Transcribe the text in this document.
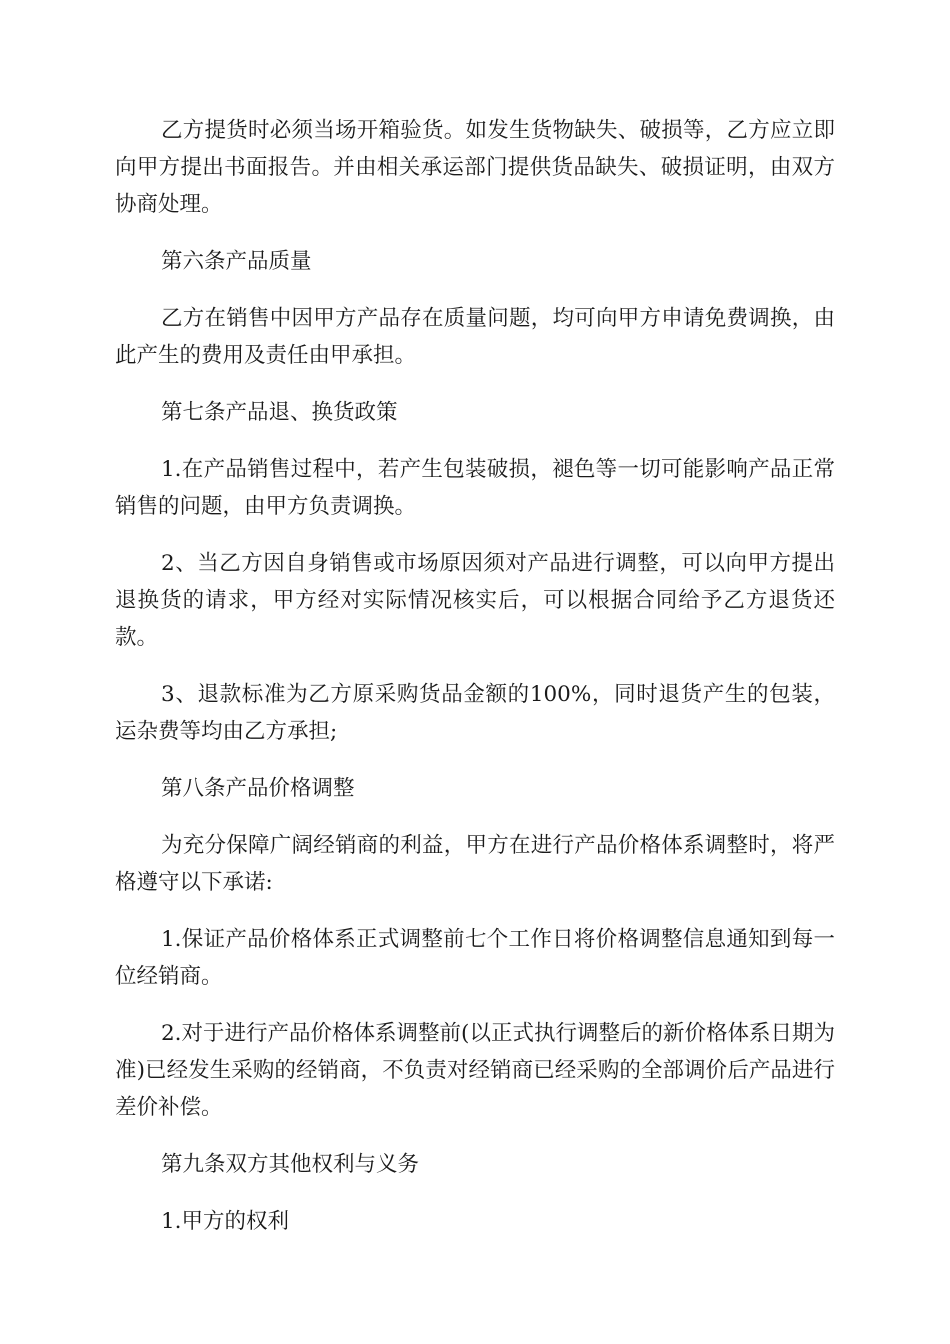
乙方提货时必须当场开箱验货。如发生货物缺失、破损等，乙方应立即向甲方提出书面报告。并由相关承运部门提供货品缺失、破损证明，由双方协商处理。

第六条产品质量

乙方在销售中因甲方产品存在质量问题，均可向甲方申请免费调换，由此产生的费用及责任由甲承担。

第七条产品退、换货政策

1.在产品销售过程中，若产生包装破损，褪色等一切可能影响产品正常销售的问题，由甲方负责调换。

2、当乙方因自身销售或市场原因须对产品进行调整，可以向甲方提出退换货的请求，甲方经对实际情况核实后，可以根据合同给予乙方退货还款。

3、退款标准为乙方原采购货品金额的100%，同时退货产生的包装，运杂费等均由乙方承担;

第八条产品价格调整

为充分保障广阔经销商的利益，甲方在进行产品价格体系调整时，将严格遵守以下承诺:

1.保证产品价格体系正式调整前七个工作日将价格调整信息通知到每一位经销商。

2.对于进行产品价格体系调整前(以正式执行调整后的新价格体系日期为准)已经发生采购的经销商，不负责对经销商已经采购的全部调价后产品进行差价补偿。

第九条双方其他权利与义务

1.甲方的权利
